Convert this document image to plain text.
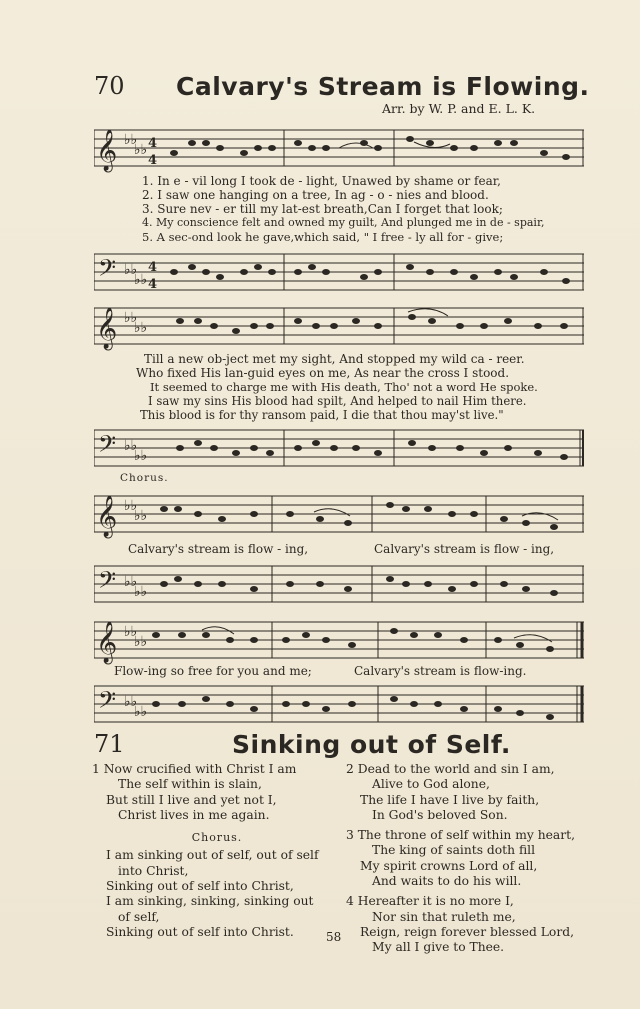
70 Calvary's Stream is Flowing.
Arr. by W. P. and E. L. K.
𝄞 ♭♭
♭♭ 4
4
1. In e - vil long I took de - light, Unawed by shame or fear,
2. I saw one hanging on a tree, In ag - o - nies and blood.
3. Sure nev - er till my lat-est breath,Can I forget that look;
4. My conscience felt and owned my guilt, And plunged me in de - spair,
5. A sec-ond look he gave,which said, " I free - ly all for - give;
𝄢 ♭♭
♭♭
4
4
𝄞 ♭♭
♭♭
Till a new ob-ject met my sight, And stopped my wild ca - reer.
Who fixed His lan-guid eyes on me, As near the cross I stood.
It seemed to charge me with His death, Tho' not a word He spoke.
I saw my sins His blood had spilt, And helped to nail Him there.
This blood is for thy ransom paid, I die that thou may'st live."
𝄢 ♭♭
♭♭
Chorus.
𝄞 ♭♭
♭♭
Calvary's stream is flow - ing,	Calvary's stream is flow - ing,
𝄢 ♭♭
♭♭
𝄞 ♭♭
♭♭
Flow-ing so free for you and me;	Calvary's stream is flow-ing.
𝄢 ♭♭
♭♭
71	Sinking out of Self.
1 Now crucified with Christ I am
The self within is slain,
But still I live and yet not I,
Christ lives in me again.
Chorus.
I am sinking out of self, out of self
into Christ,
Sinking out of self into Christ,
I am sinking, sinking, sinking out
of self,
Sinking out of self into Christ.
2 Dead to the world and sin I am,
Alive to God alone,
The life I have I live by faith,
In God's beloved Son.
3 The throne of self within my heart,
The king of saints doth fill
My spirit crowns Lord of all,
And waits to do his will.
4 Hereafter it is no more I,
Nor sin that ruleth me,
Reign, reign forever blessed Lord,
My all I give to Thee.
58
